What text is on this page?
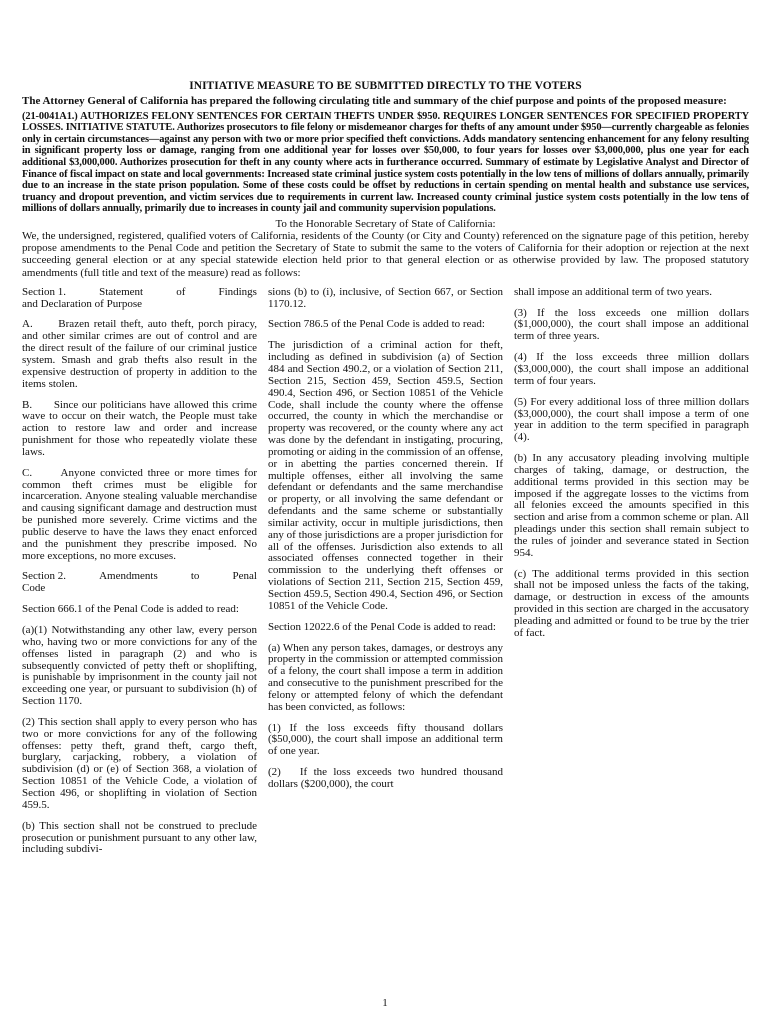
INITIATIVE MEASURE TO BE SUBMITTED DIRECTLY TO THE VOTERS

The Attorney General of California has prepared the following circulating title and summary of the chief purpose and points of the proposed measure:

(21-0041A1.) AUTHORIZES FELONY SENTENCES FOR CERTAIN THEFTS UNDER $950. REQUIRES LONGER SENTENCES FOR SPECIFIED PROPERTY LOSSES. INITIATIVE STATUTE. Authorizes prosecutors to file felony or misdemeanor charges for thefts of any amount under $950—currently chargeable as felonies only in certain circumstances—against any person with two or more prior specified theft convictions. Adds mandatory sentencing enhancement for any felony resulting in significant property loss or damage, ranging from one additional year for losses over $50,000, to four years for losses over $3,000,000, plus one year for each additional $3,000,000. Authorizes prosecution for theft in any county where acts in furtherance occurred. Summary of estimate by Legislative Analyst and Director of Finance of fiscal impact on state and local governments: Increased state criminal justice system costs potentially in the low tens of millions of dollars annually, primarily due to an increase in the state prison population. Some of these costs could be offset by reductions in certain spending on mental health and substance use services, truancy and dropout prevention, and victim services due to requirements in current law. Increased county criminal justice system costs potentially in the low tens of millions of dollars annually, primarily due to increases in county jail and community supervision populations.

To the Honorable Secretary of State of California:

We, the undersigned, registered, qualified voters of California, residents of the County (or City and County) referenced on the signature page of this petition, hereby propose amendments to the Penal Code and petition the Secretary of State to submit the same to the voters of California for their adoption or rejection at the next succeeding general election or at any special statewide election held prior to that general election or as otherwise provided by law. The proposed statutory amendments (full title and text of the measure) read as follows:

Section 1.	Statement	of	Findings
and Declaration of Purpose

A.      Brazen retail theft, auto theft, porch piracy, and other similar crimes are out of control and are the direct result of the failure of our criminal justice system. Smash and grab thefts also result in the expensive destruction of property in addition to the items stolen.

B.      Since our politicians have allowed this crime wave to occur on their watch, the People must take action to restore law and order and increase punishment for those who repeatedly violate these laws.

C.      Anyone convicted three or more times for common theft crimes must be eligible for incarceration. Anyone stealing valuable merchandise and causing significant damage and destruction must be punished more severely. Crime victims and the public deserve to have the laws they enact enforced and the punishment they prescribe imposed. No more exceptions, no more excuses.

Section 2.	Amendments	to	Penal
Code

Section 666.1 of the Penal Code is added to read:

(a)(1) Notwithstanding any other law, every person who, having two or more convictions for any of the offenses listed in paragraph (2) and who is subsequently convicted of petty theft or shoplifting, is punishable by imprisonment in the county jail not exceeding one year, or pursuant to subdivision (h) of Section 1170.

(2) This section shall apply to every person who has two or more convictions for any of the following offenses: petty theft, grand theft, cargo theft, burglary, carjacking, robbery, a violation of subdivision (d) or (e) of Section 368, a violation of Section 10851 of the Vehicle Code, a violation of Section 496, or shoplifting in violation of Section 459.5.

(b) This section shall not be construed to preclude prosecution or punishment pursuant to any other law, including subdivi-

sions (b) to (i), inclusive, of Section 667, or Section 1170.12.

Section 786.5 of the Penal Code is added to read:

The jurisdiction of a criminal action for theft, including as defined in subdivision (a) of Section 484 and Section 490.2, or a violation of Section 211, Section 215, Section 459, Section 459.5, Section 490.4, Section 496, or Section 10851 of the Vehicle Code, shall include the county where the offense occurred, the county in which the merchandise or property was recovered, or the county where any act was done by the defendant in instigating, procuring, promoting or aiding in the commission of an offense, or in abetting the parties concerned therein. If multiple offenses, either all involving the same defendant or defendants and the same merchandise or property, or all involving the same defendant or defendants and the same scheme or substantially similar activity, occur in multiple jurisdictions, then any of those jurisdictions are a proper jurisdiction for all of the offenses. Jurisdiction also extends to all associated offenses connected together in their commission to the underlying theft offenses or violations of Section 211, Section 215, Section 459, Section 459.5, Section 490.4, Section 496, or Section 10851 of the Vehicle Code.

Section 12022.6 of the Penal Code is added to read:

(a) When any person takes, damages, or destroys any property in the commission or attempted commission of a felony, the court shall impose a term in addition and consecutive to the punishment prescribed for the felony or attempted felony of which the defendant has been convicted, as follows:

(1) If the loss exceeds fifty thousand dollars ($50,000), the court shall impose an additional term of one year.

(2)   If the loss exceeds two hundred thousand dollars ($200,000), the court

shall impose an additional term of two years.

(3) If the loss exceeds one million dollars ($1,000,000), the court shall impose an additional term of three years.

(4) If the loss exceeds three million dollars ($3,000,000), the court shall impose an additional term of four years.

(5) For every additional loss of three million dollars ($3,000,000), the court shall impose a term of one year in addition to the term specified in paragraph (4).

(b) In any accusatory pleading involving multiple charges of taking, damage, or destruction, the additional terms provided in this section may be imposed if the aggregate losses to the victims from all felonies exceed the amounts specified in this section and arise from a common scheme or plan. All pleadings under this section shall remain subject to the rules of joinder and severance stated in Section 954.

(c) The additional terms provided in this section shall not be imposed unless the facts of the taking, damage, or destruction in excess of the amounts provided in this section are charged in the accusatory pleading and admitted or found to be true by the trier of fact.

1
